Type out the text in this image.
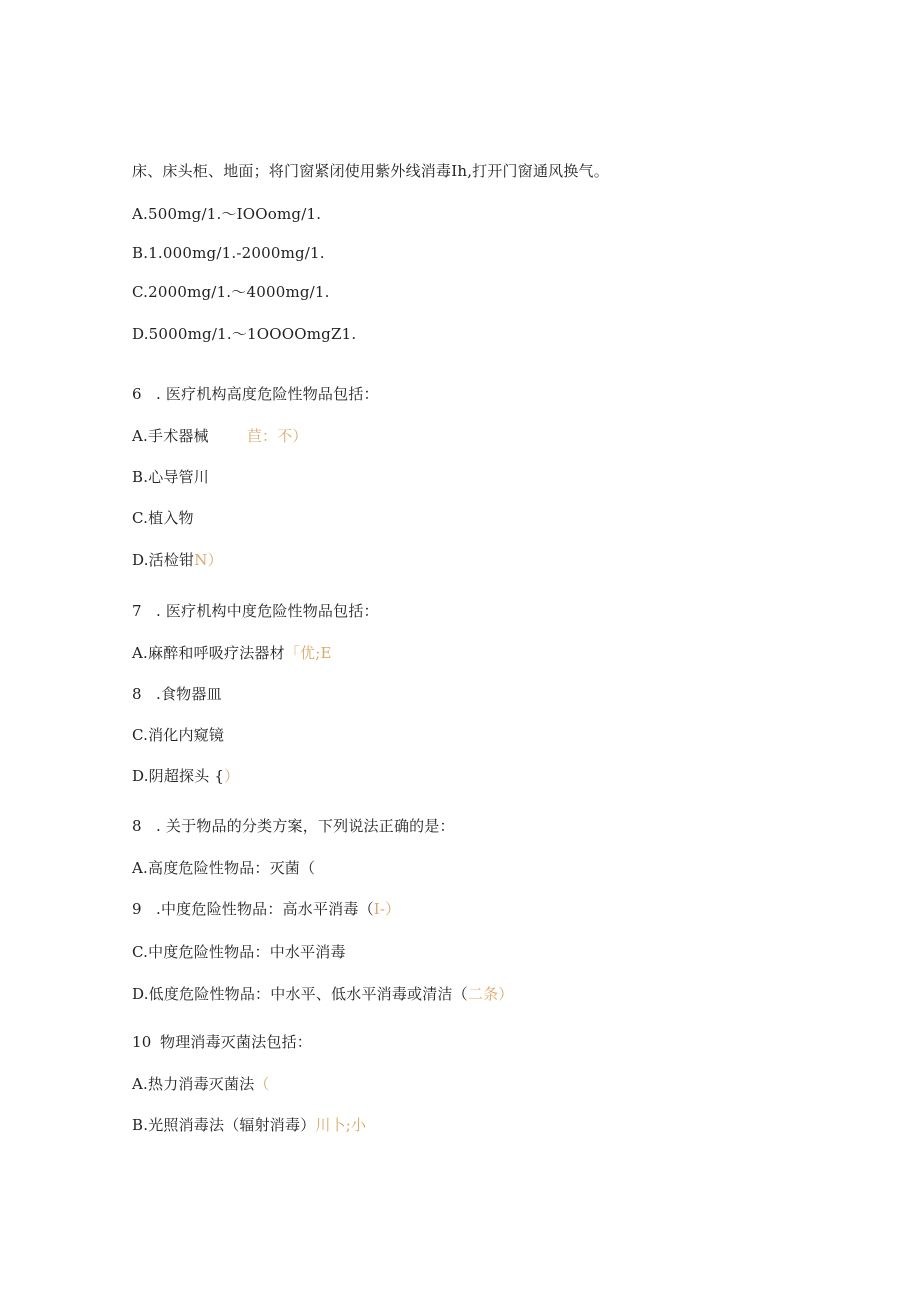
床、床头柜、地面；将门窗紧闭使用紫外线消毒Ih,打开门窗通风换气。
A.500mg/1.～IOOomg/1.
B.1.000mg/1.-2000mg/1.
C.2000mg/1.～4000mg/1.
D.5000mg/1.～1OOOOmgZ1.
6 . 医疗机构高度危险性物品包括：
A.手术器械	苣：不）
B.心导管川
C.植入物
D.活检钳N）
7 . 医疗机构中度危险性物品包括：
A.麻醉和呼吸疗法器材「优;E
8 .食物器皿
C.消化内窥镜
D.阴超探头 {）
8 . 关于物品的分类方案，下列说法正确的是：
A.高度危险性物品：灭菌（
9 .中度危险性物品：高水平消毒（I-）
C.中度危险性物品：中水平消毒
D.低度危险性物品：中水平、低水平消毒或清洁（二条）
10 物理消毒灭菌法包括：
A.热力消毒灭菌法（
B.光照消毒法（辐射消毒）川卜;小
